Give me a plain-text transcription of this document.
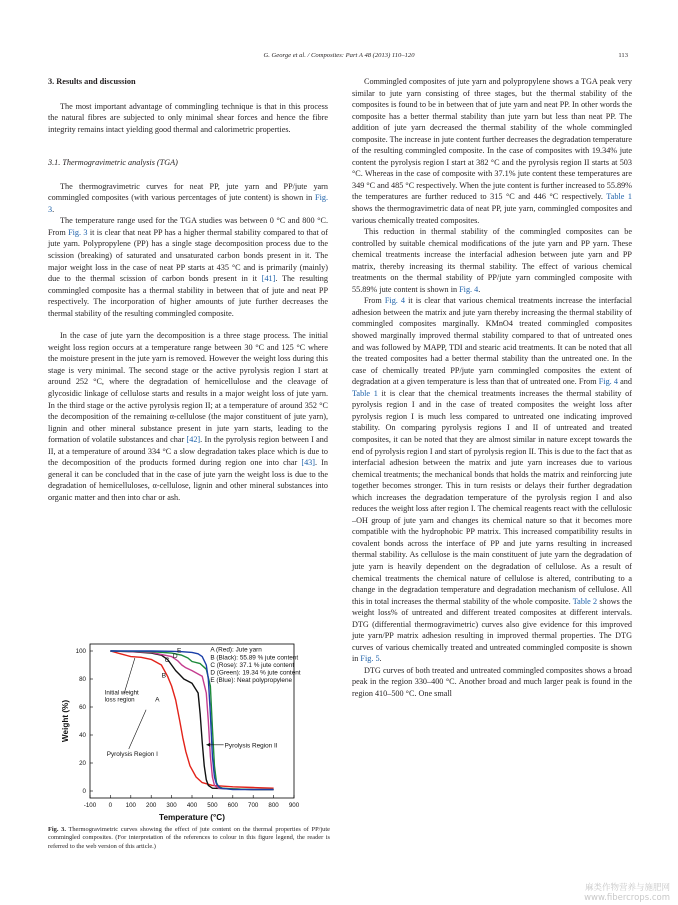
G. George et al. / Composites: Part A 48 (2013) 110–120	113
3. Results and discussion

The most important advantage of commingling technique is that in this process the natural fibres are subjected to only minimal shear forces and hence the fibre integrity remains intact yielding good thermal and calorimetric properties.

3.1. Thermogravimetric analysis (TGA)

The thermogravimetric curves for neat PP, jute yarn and PP/jute yarn commingled composites (with various percentages of jute content) is shown in Fig. 3.

The temperature range used for the TGA studies was between 0 °C and 800 °C. From Fig. 3 it is clear that neat PP has a higher thermal stability compared to that of jute yarn. Polypropylene (PP) has a single stage decomposition process due to the scission (breaking) of saturated and unsaturated carbon bonds present in it. The major weight loss in the case of neat PP starts at 435 °C and is primarily (mainly) due to the thermal scission of carbon bonds present in it [41]. The resulting commingled composite has a thermal stability in between that of jute and neat PP respectively. The incorporation of higher amounts of jute further decreases the thermal stability of the resulting commingled composite.

In the case of jute yarn the decomposition is a three stage process. The initial weight loss region occurs at a temperature range between 30 °C and 125 °C where the moisture present in the jute yarn is removed. However the weight loss during this stage is very minimal. The second stage or the active pyrolysis region I start at around 252 °C, where the degradation of hemicellulose and the cleavage of glycosidic linkage of cellulose starts and results in a major weight loss of jute yarn. In the third stage or the active pyrolysis region II; at a temperature of around 352 °C the decomposition of the remaining α-cellulose (the major constituent of jute yarn), lignin and other mineral substance present in jute yarn starts, leading to the formation of volatile substances and char [42]. In the pyrolysis region between I and II, at a temperature of around 334 °C a slow degradation takes place which is due to the decomposition of the products formed during region one into char [43]. In general it can be concluded that in the case of jute yarn the weight loss is due to the degradation of hemicelluloses, α-cellulose, lignin and other mineral substances into organic matter and then into char or ash.

-100 0 100 200 300 400 500 600 700 800 900
0
20
40
60
80
100
Temperature (°C)
Weight (%)
A (Red): Jute yarn
B (Black): 55.89 % jute content
C (Rose): 37.1 % jute content
D (Green): 19.34 % jute content
E (Blue): Neat polypropylene
A
B
C
D
E
Initial weight loss region
Pyrolysis Region I
Pyrolysis Region II
Fig. 3. Thermogravimetric curves showing the effect of jute content on the thermal properties of PP/jute commingled composites. (For interpretation of the references to colour in this figure legend, the reader is referred to the web version of this article.)

Commingled composites of jute yarn and polypropylene shows a TGA peak very similar to jute yarn consisting of three stages, but the thermal stability of the composites is found to be in between that of jute yarn and neat PP. In other words the composite has a better thermal stability than jute yarn but less than neat PP. The addition of jute yarn decreased the thermal stability of the whole commingled composite. The increase in jute content further decreases the degradation temperature of the resulting commingled composite. In the case of composites with 19.34% jute content the pyrolysis region I start at 382 °C and the pyrolysis region II starts at 503 °C. Whereas in the case of composite with 37.1% jute content these temperatures are 349 °C and 485 °C respectively. When the jute content is further increased to 55.89% the temperatures are further reduced to 315 °C and 446 °C respectively. Table 1 shows the thermogravimetric data of neat PP, jute yarn, commingled composites and various chemically treated composites.

This reduction in thermal stability of the commingled composites can be controlled by suitable chemical modifications of the jute yarn and PP yarn. These chemical treatments increase the interfacial adhesion between jute yarn and PP matrix, thereby increasing its thermal stability. The effect of various chemical treatments on the thermal stability of PP/jute yarn commingled composite with 55.89% jute content is shown in Fig. 4.

From Fig. 4 it is clear that various chemical treatments increase the interfacial adhesion between the matrix and jute yarn thereby increasing the thermal stability of commingled composites marginally. KMnO4 treated commingled composites showed marginally improved thermal stability compared to that of untreated ones and was followed by MAPP, TDI and stearic acid treatments. It can be noted that all the treated composites had a better thermal stability than the untreated one. In the case of chemically treated PP/jute yarn commingled composites the extent of degradation at a given temperature is less than that of untreated one. From Fig. 4 and Table 1 it is clear that the chemical treatments increases the thermal stability of pyrolysis region I and in the case of treated composites the weight loss after pyrolysis region I is much less compared to untreated one indicating improved stability. On comparing pyrolysis regions I and II of untreated and treated composites, it can be noted that they are almost similar in nature except towards the end of pyrolysis region I and start of pyrolysis region II. This is due to the fact that as interfacial adhesion between the matrix and jute yarn increases due to various chemical treatments; the mechanical bonds that holds the matrix and reinforcing jute together becomes stronger. This in turn resists or delays their further degradation which increases the degradation temperature of the pyrolysis region I and also reduces the weight loss after region I. The chemical reagents react with the cellulosic –OH group of jute yarn and changes its chemical nature so that it becomes more compatible with the hydrophobic PP matrix. This increased compatibility results in covalent bonds across the interface of PP and jute yarns resulting in increased thermal stability. As cellulose is the main constituent of jute yarn the degradation of jute yarn is heavily dependent on the degradation of cellulose. As a result of chemical treatments the chemical nature of cellulose is altered, contributing to a change in the degradation temperature and degradation mechanism of cellulose. All this in total increases the thermal stability of the whole composite. Table 2 shows the weight loss% of untreated and different treated composites at different intervals. DTG (differential thermogravimetric) curves also give evidence for this improved jute yarn/PP matrix adhesion resulting in improved thermal properties. The DTG curves of various chemically treated and untreated commingled composite is shown in Fig. 5.

DTG curves of both treated and untreated commingled composites shows a broad peak in the region 330–400 °C. Another broad and much larger peak is found in the region 410–500 °C. One small

麻类作物营养与施肥网
www.fibercrops.com
